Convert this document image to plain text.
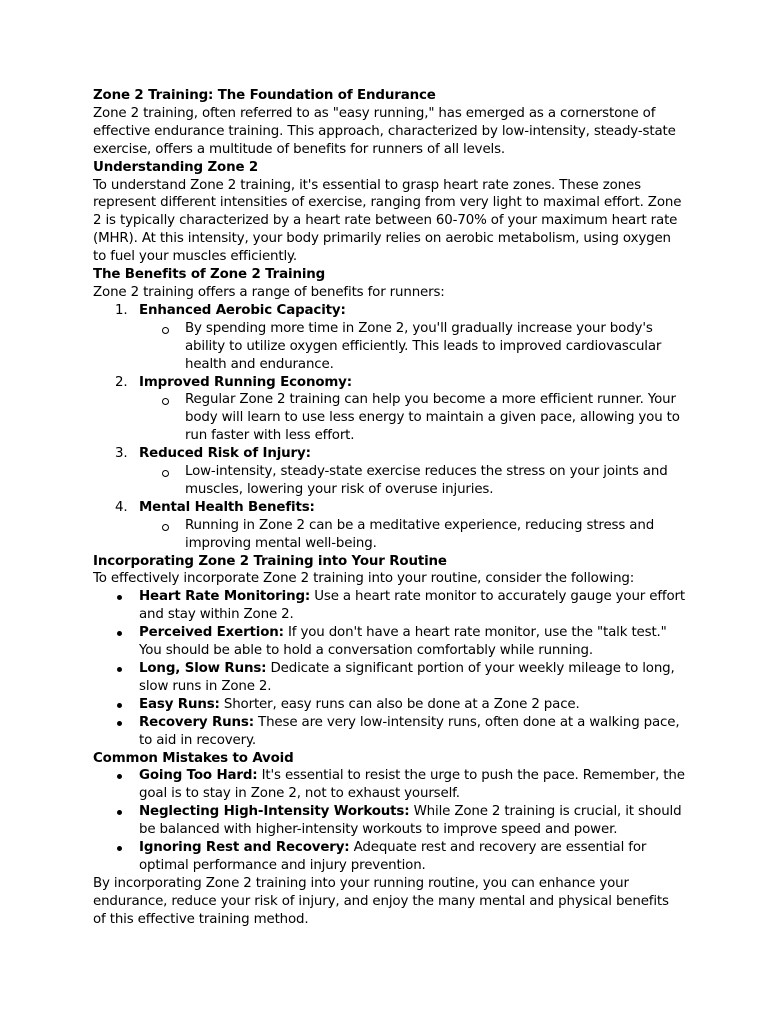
Zone 2 Training: The Foundation of Endurance

Zone 2 training, often referred to as "easy running," has emerged as a cornerstone of effective endurance training. This approach, characterized by low-intensity, steady-state exercise, offers a multitude of benefits for runners of all levels.

Understanding Zone 2

To understand Zone 2 training, it's essential to grasp heart rate zones. These zones represent different intensities of exercise, ranging from very light to maximal effort. Zone 2 is typically characterized by a heart rate between 60-70% of your maximum heart rate (MHR). At this intensity, your body primarily relies on aerobic metabolism, using oxygen to fuel your muscles efficiently.

The Benefits of Zone 2 Training

Zone 2 training offers a range of benefits for runners:

1. Enhanced Aerobic Capacity:
By spending more time in Zone 2, you'll gradually increase your body's ability to utilize oxygen efficiently. This leads to improved cardiovascular health and endurance.
2. Improved Running Economy:
Regular Zone 2 training can help you become a more efficient runner. Your body will learn to use less energy to maintain a given pace, allowing you to run faster with less effort.
3. Reduced Risk of Injury:
Low-intensity, steady-state exercise reduces the stress on your joints and muscles, lowering your risk of overuse injuries.
4. Mental Health Benefits:
Running in Zone 2 can be a meditative experience, reducing stress and improving mental well-being.

Incorporating Zone 2 Training into Your Routine

To effectively incorporate Zone 2 training into your routine, consider the following:

Heart Rate Monitoring: Use a heart rate monitor to accurately gauge your effort and stay within Zone 2.
Perceived Exertion: If you don't have a heart rate monitor, use the "talk test." You should be able to hold a conversation comfortably while running.
Long, Slow Runs: Dedicate a significant portion of your weekly mileage to long, slow runs in Zone 2.
Easy Runs: Shorter, easy runs can also be done at a Zone 2 pace.
Recovery Runs: These are very low-intensity runs, often done at a walking pace, to aid in recovery.

Common Mistakes to Avoid

Going Too Hard: It's essential to resist the urge to push the pace. Remember, the goal is to stay in Zone 2, not to exhaust yourself.
Neglecting High-Intensity Workouts: While Zone 2 training is crucial, it should be balanced with higher-intensity workouts to improve speed and power.
Ignoring Rest and Recovery: Adequate rest and recovery are essential for optimal performance and injury prevention.

By incorporating Zone 2 training into your running routine, you can enhance your endurance, reduce your risk of injury, and enjoy the many mental and physical benefits of this effective training method.
